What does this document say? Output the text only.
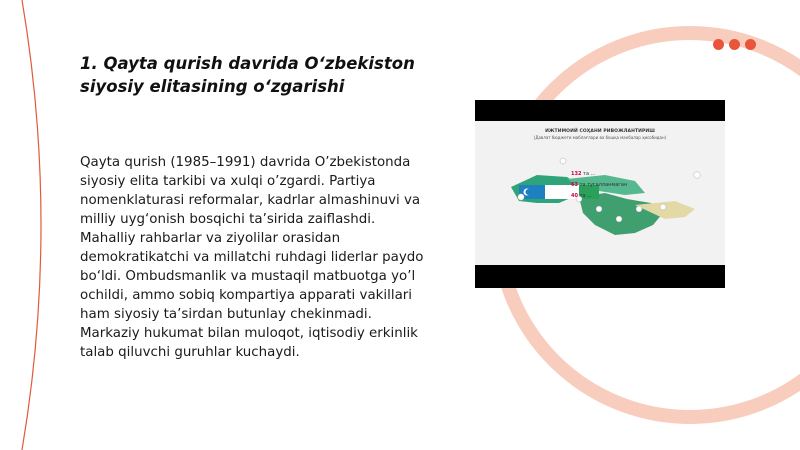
1. Qayta qurish davrida O‘zbekiston siyosiy elitasining o‘zgarishi

Qayta qurish (1985–1991) davrida O’zbekistonda siyosiy elita tarkibi va xulqi o’zgardi. Partiya nomenklaturasi reformalar, kadrlar almashinuvi va milliy uyg‘onish bosqichi ta’sirida zaiflashdi. Mahalliy rahbarlar va ziyolilar orasidan demokratikatchi va millatchi ruhdagi liderlar paydo bo‘ldi. Ombudsmanlik va mustaqil matbuotga yo’l ochildi, ammo sobiq kompartiya apparati vakillari ham siyosiy ta’sirdan butunlay chekinmadi. Markaziy hukumat bilan muloqot, iqtisodiy erkinlik talab qiluvchi guruhlar kuchaydi.

ИЖТИМОИЙ СОҲАНИ РИВОЖЛАНТИРИШ
(Давлат бюджети маблағлари ва бошқа манбалар ҳисобидан)
132 та ...
63 та тугалланмаган
40 та ...
